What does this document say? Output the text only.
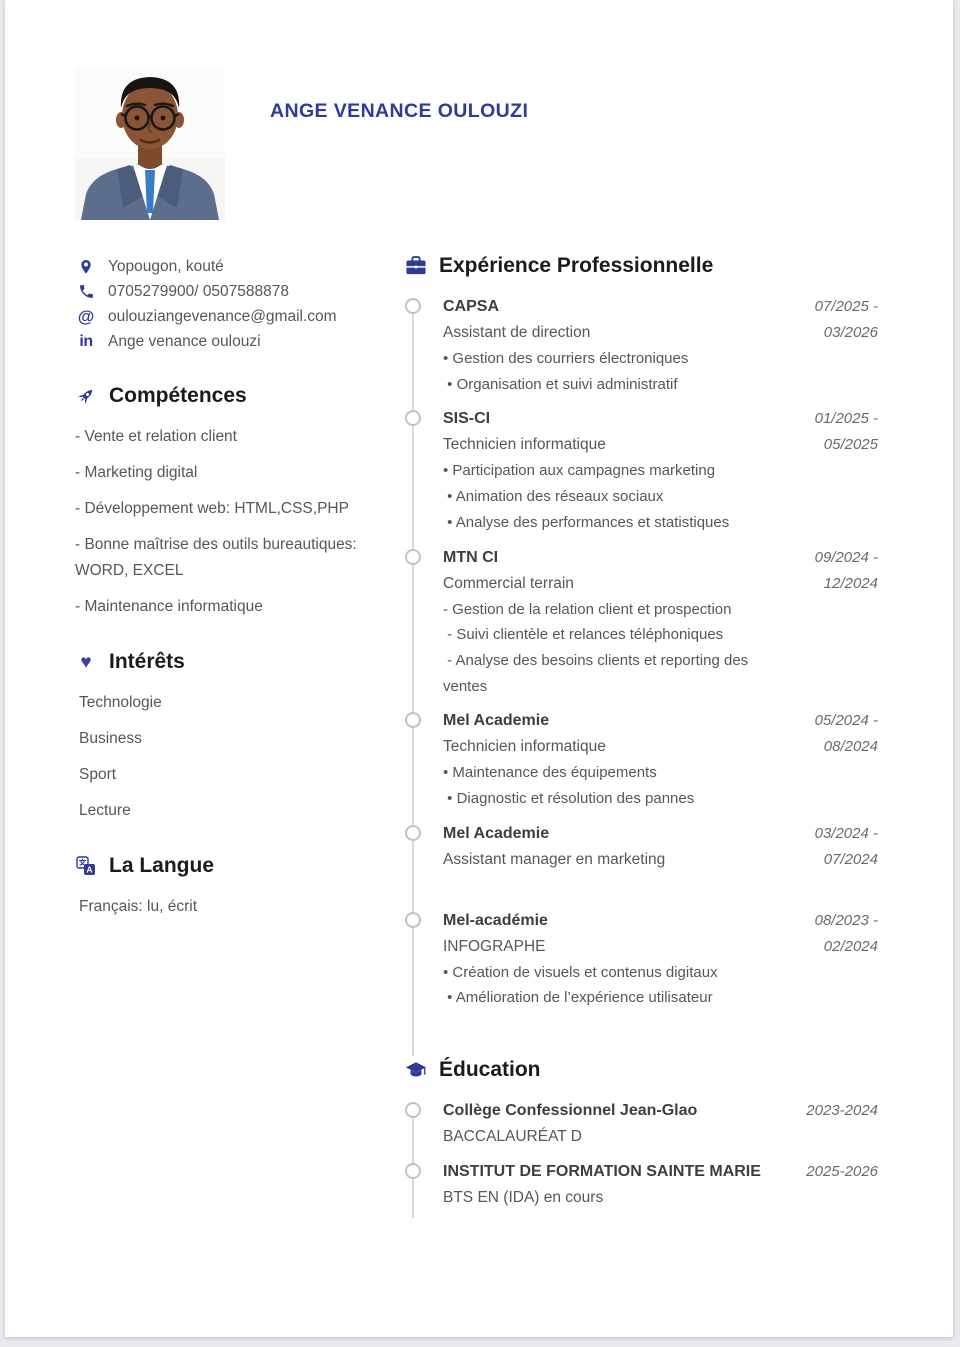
ANGE VENANCE OULOUZI
Yopougon, kouté
0705279900/ 0507588878
@ oulouziangevenance@gmail.com
in Ange venance oulouzi
Compétences
- Vente et relation client
- Marketing digital
- Développement web: HTML,CSS,PHP
- Bonne maîtrise des outils bureautiques: WORD, EXCEL
- Maintenance informatique
♥ Intérêts
Technologie
Business
Sport
Lecture
A La Langue
Français: lu, écrit
Expérience Professionnelle
CAPSA
Assistant de direction
• Gestion des courriers électroniques
• Organisation et suivi administratif
07/2025 -
03/2026
SIS-CI
Technicien informatique
• Participation aux campagnes marketing
• Animation des réseaux sociaux
• Analyse des performances et statistiques
01/2025 -
05/2025
MTN CI
Commercial terrain
- Gestion de la relation client et prospection
- Suivi clientèle et relances téléphoniques
- Analyse des besoins clients et reporting des ventes
09/2024 -
12/2024
Mel Academie
Technicien informatique
• Maintenance des équipements
• Diagnostic et résolution des pannes
05/2024 -
08/2024
Mel Academie
Assistant manager en marketing
03/2024 -
07/2024
Mel-académie
INFOGRAPHE
• Création de visuels et contenus digitaux
• Amélioration de l’expérience utilisateur
08/2023 -
02/2024
Éducation
Collège Confessionnel Jean-Glao
BACCALAURÉAT D
2023-2024
INSTITUT DE FORMATION SAINTE MARIE
BTS EN (IDA) en cours
2025-2026
